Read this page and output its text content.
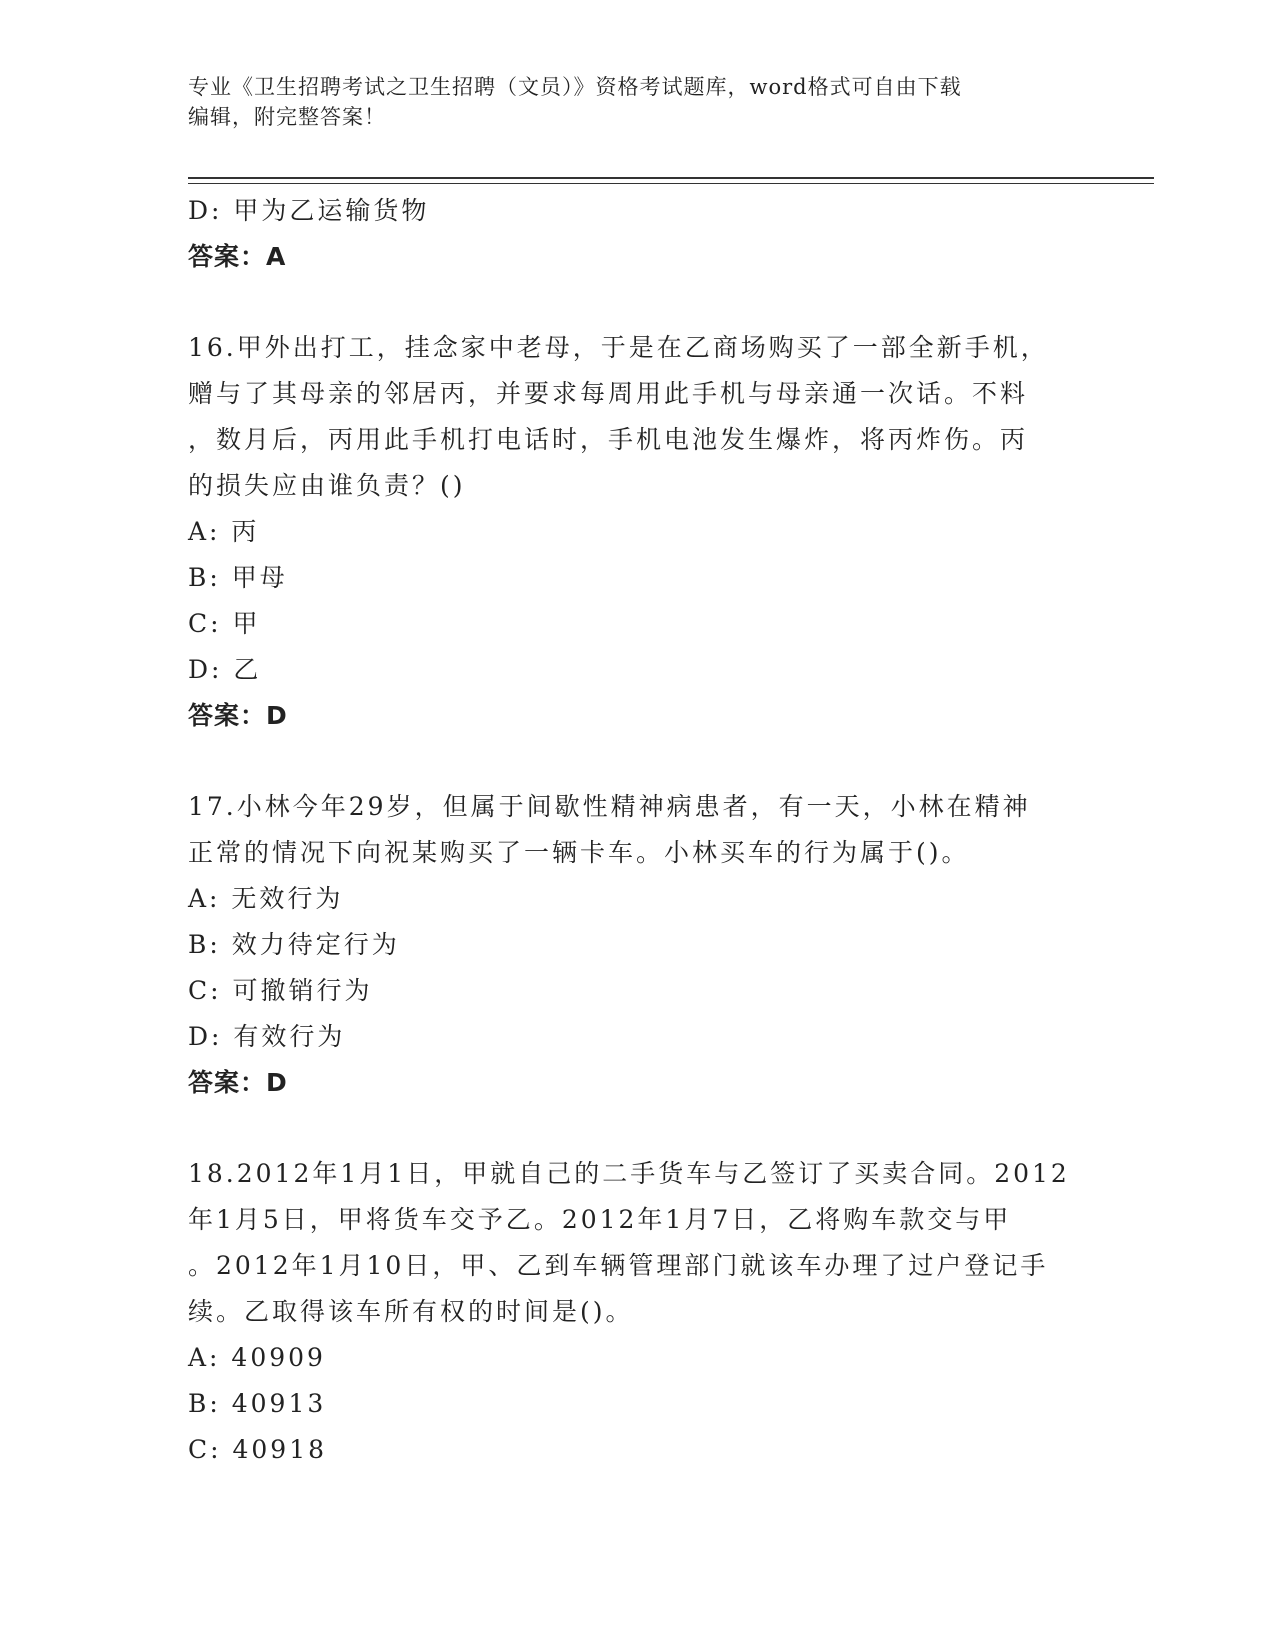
专业《卫生招聘考试之卫生招聘（文员）》资格考试题库，word格式可自由下载
编辑，附完整答案！
D: 甲为乙运输货物
答案：A
16.甲外出打工，挂念家中老母，于是在乙商场购买了一部全新手机，
赠与了其母亲的邻居丙，并要求每周用此手机与母亲通一次话。不料
，数月后，丙用此手机打电话时，手机电池发生爆炸，将丙炸伤。丙
的损失应由谁负责？()
A: 丙
B: 甲母
C: 甲
D: 乙
答案：D
17.小林今年29岁，但属于间歇性精神病患者，有一天，小林在精神
正常的情况下向祝某购买了一辆卡车。小林买车的行为属于()。
A: 无效行为
B: 效力待定行为
C: 可撤销行为
D: 有效行为
答案：D
18.2012年1月1日，甲就自己的二手货车与乙签订了买卖合同。2012
年1月5日，甲将货车交予乙。2012年1月7日，乙将购车款交与甲
。2012年1月10日，甲、乙到车辆管理部门就该车办理了过户登记手
续。乙取得该车所有权的时间是()。
A: 40909
B: 40913
C: 40918
